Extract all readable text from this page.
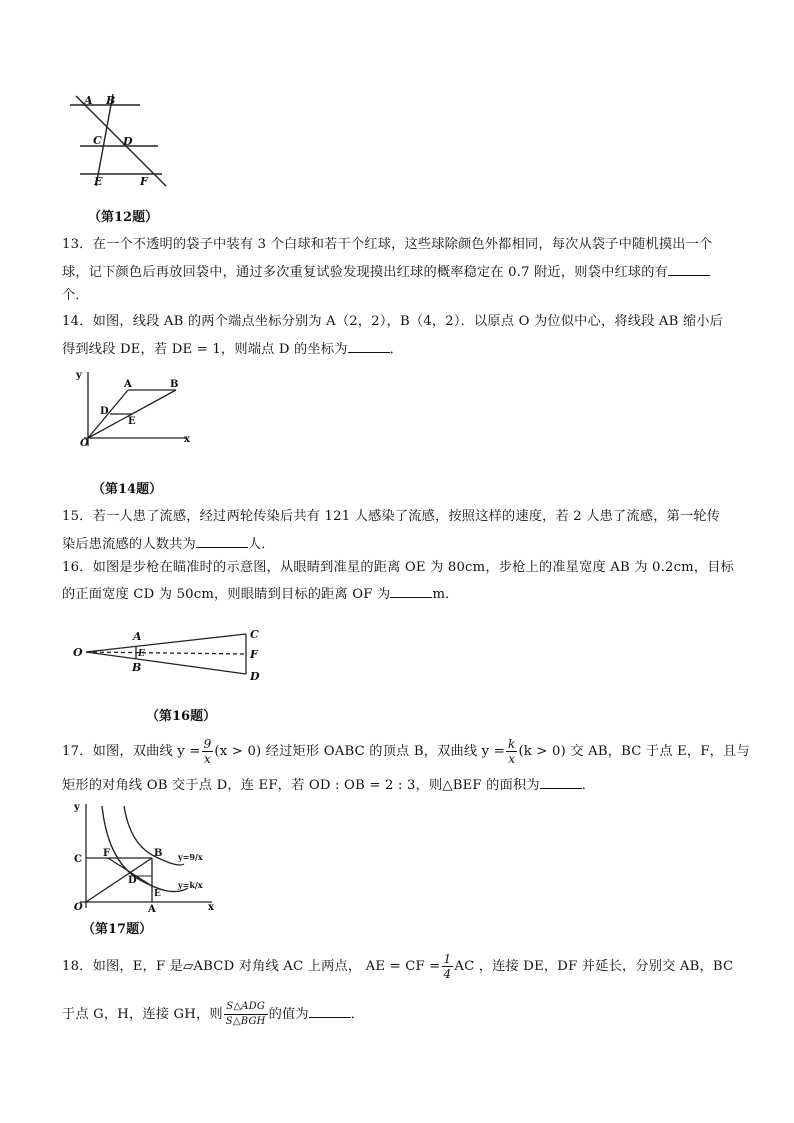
A B
C D
E	F
（第12题）
13．在一个不透明的袋子中装有 3 个白球和若干个红球，这些球除颜色外都相同，每次从袋子中随机摸出一个
球，记下颜色后再放回袋中，通过多次重复试验发现摸出红球的概率稳定在 0.7 附近，则袋中红球的有
个．
14．如图，线段 AB 的两个端点坐标分别为 A（2，2），B（4，2）．以原点 O 为位似中心，将线段 AB 缩小后
得到线段 DE，若 DE = 1，则端点 D 的坐标为	．
y
A	B
D
E
O	x
（第14题）
15．若一人患了流感，经过两轮传染后共有 121 人感染了流感，按照这样的速度，若 2 人患了流感，第一轮传
染后患流感的人数共为	人．
16．如图是步枪在瞄准时的示意图，从眼睛到准星的距离 OE 为 80cm，步枪上的准星宽度 AB 为 0.2cm，目标
的正面宽度 CD 为 50cm，则眼睛到目标的距离 OF 为	m．
O
A
E
B
C
F
D
（第16题）
17．如图，双曲线 $y = \frac{9}{x} (x > 0)$ 经过矩形 OABC 的顶点 B，双曲线 $y = \frac{k}{x} (k > 0)$ 交 AB，BC 于点 E，F，且与
矩形的对角线 OB 交于点 D，连 EF，若 OD : OB = 2 : 3，则△BEF 的面积为	．
y
C
F	B
D
E
O	A	x
y=9/x
y=k/x
（第17题）
18．如图，E，F 是▱ABCD 对角线 AC 上两点， AE = CF = $\frac{1}{4}$ AC ，连接 DE，DF 并延长，分别交 AB，BC
于点 G，H，连接 GH，则 $\frac{\text{S△ADG}}{\text{S△BGH}}$ 的值为	．
